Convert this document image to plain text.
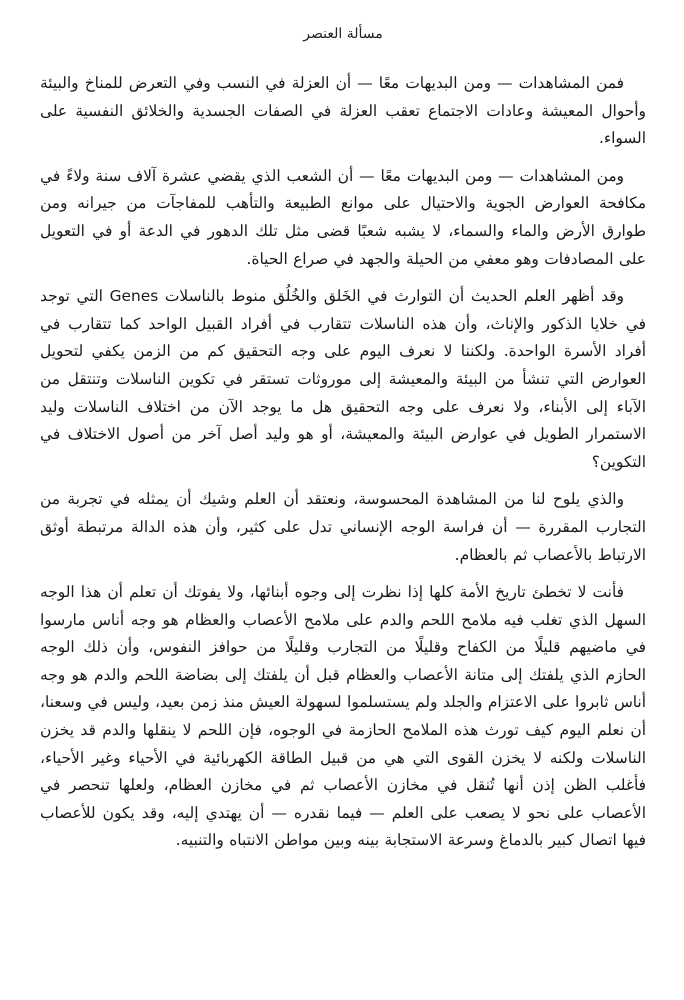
مسألة العنصر

فمن المشاهدات — ومن البديهات معًا — أن العزلة في النسب وفي التعرض للمناخ والبيئة وأحوال المعيشة وعادات الاجتماع تعقب العزلة في الصفات الجسدية والخلائق النفسية على السواء.

ومن المشاهدات — ومن البديهات معًا — أن الشعب الذي يقضي عشرة آلاف سنة ولاءً في مكافحة العوارض الجوية والاحتيال على موانع الطبيعة والتأهب للمفاجآت من جيرانه ومن طوارق الأرض والماء والسماء، لا يشبه شعبًا قضى مثل تلك الدهور في الدعة أو في التعويل على المصادفات وهو معفي من الحيلة والجهد في صراع الحياة.

وقد أظهر العلم الحديث أن التوارث في الخَلق والخُلُق منوط بالناسلات Genes التي توجد في خلايا الذكور والإناث، وأن هذه الناسلات تتقارب في أفراد القبيل الواحد كما تتقارب في أفراد الأسرة الواحدة. ولكننا لا نعرف اليوم على وجه التحقيق كم من الزمن يكفي لتحويل العوارض التي تنشأ من البيئة والمعيشة إلى موروثات تستقر في تكوين الناسلات وتنتقل من الآباء إلى الأبناء، ولا نعرف على وجه التحقيق هل ما يوجد الآن من اختلاف الناسلات وليد الاستمرار الطويل في عوارض البيئة والمعيشة، أو هو وليد أصل آخر من أصول الاختلاف في التكوين؟

والذي يلوح لنا من المشاهدة المحسوسة، ونعتقد أن العلم وشيك أن يمثله في تجربة من التجارب المقررة — أن فراسة الوجه الإنساني تدل على كثير، وأن هذه الدالة مرتبطة أوثق الارتباط بالأعصاب ثم بالعظام.

فأنت لا تخطئ تاريخ الأمة كلها إذا نظرت إلى وجوه أبنائها، ولا يفوتك أن تعلم أن هذا الوجه السهل الذي تغلب فيه ملامح اللحم والدم على ملامح الأعصاب والعظام هو وجه أناس مارسوا في ماضيهم قليلًا من الكفاح وقليلًا من التجارب وقليلًا من حوافز النفوس، وأن ذلك الوجه الحازم الذي يلفتك إلى متانة الأعصاب والعظام قبل أن يلفتك إلى بضاضة اللحم والدم هو وجه أناس ثابروا على الاعتزام والجلد ولم يستسلموا لسهولة العيش منذ زمن بعيد، وليس في وسعنا، أن نعلم اليوم كيف تورث هذه الملامح الحازمة في الوجوه، فإن اللحم لا ينقلها والدم قد يخزن الناسلات ولكنه لا يخزن القوى التي هي من قبيل الطاقة الكهربائية في الأحياء وغير الأحياء، فأغلب الظن إذن أنها تُنقل في مخازن الأعصاب ثم في مخازن العظام، ولعلها تنحصر في الأعصاب على نحو لا يصعب على العلم — فيما نقدره — أن يهتدي إليه، وقد يكون للأعصاب فيها اتصال كبير بالدماغ وسرعة الاستجابة بينه وبين مواطن الانتباه والتنبيه.
